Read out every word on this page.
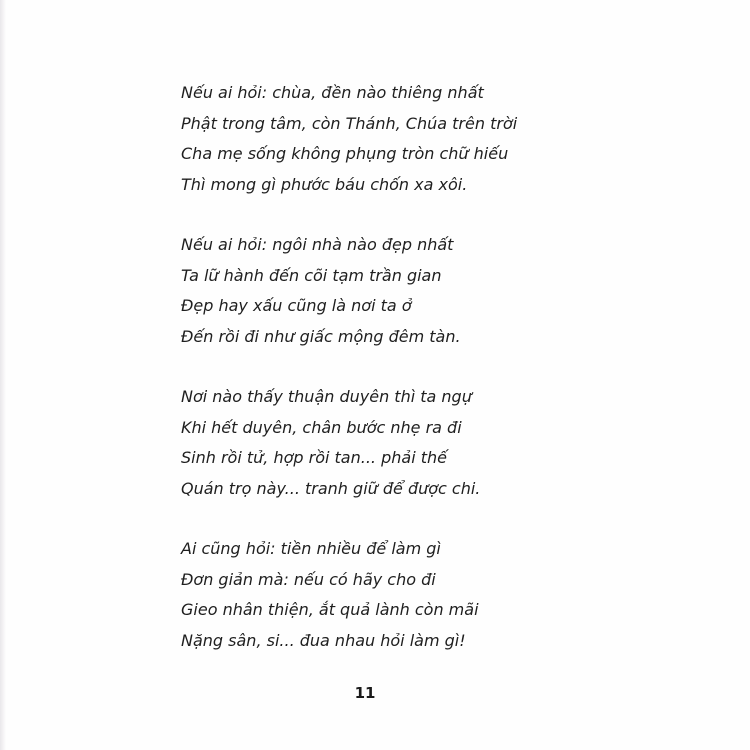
Nếu ai hỏi: chùa, đền nào thiêng nhất
Phật trong tâm, còn Thánh, Chúa trên trời
Cha mẹ sống không phụng tròn chữ hiếu
Thì mong gì phước báu chốn xa xôi.
Nếu ai hỏi: ngôi nhà nào đẹp nhất
Ta lữ hành đến cõi tạm trần gian
Đẹp hay xấu cũng là nơi ta ở
Đến rồi đi như giấc mộng đêm tàn.
Nơi nào thấy thuận duyên thì ta ngự
Khi hết duyên, chân bước nhẹ ra đi
Sinh rồi tử, hợp rồi tan... phải thế
Quán trọ này... tranh giữ để được chi.
Ai cũng hỏi: tiền nhiều để làm gì
Đơn giản mà: nếu có hãy cho đi
Gieo nhân thiện, ắt quả lành còn mãi
Nặng sân, si... đua nhau hỏi làm gì!
11
